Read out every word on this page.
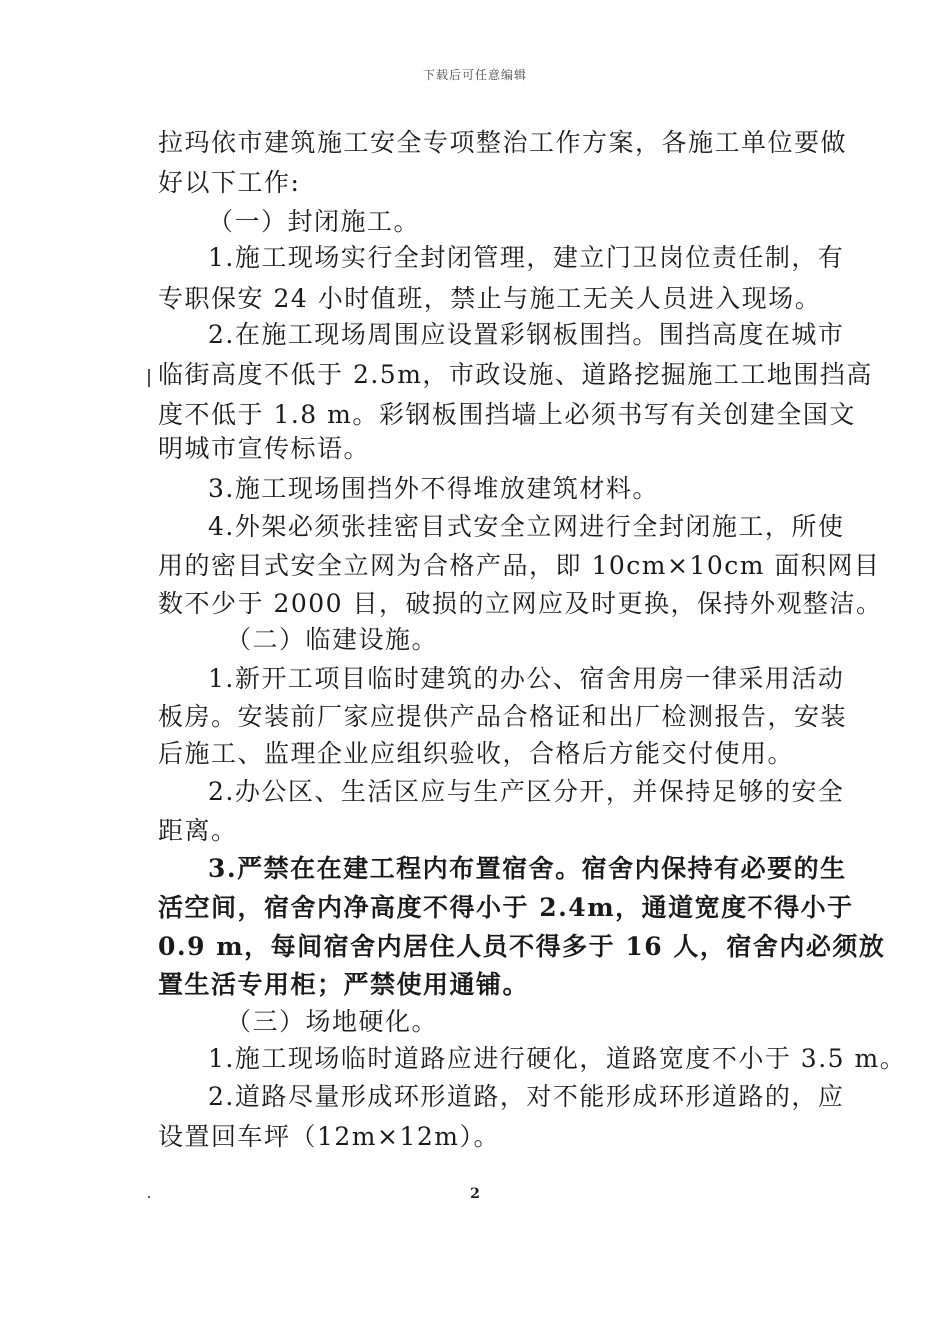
下载后可任意编辑
拉玛依市建筑施工安全专项整治工作方案，各施工单位要做
好以下工作:
（一）封闭施工。
1.施工现场实行全封闭管理，建立门卫岗位责任制，有
专职保安 24 小时值班，禁止与施工无关人员进入现场。
2.在施工现场周围应设置彩钢板围挡。围挡高度在城市
临街高度不低于 2.5m，市政设施、道路挖掘施工工地围挡高
度不低于 1.8 m。彩钢板围挡墙上必须书写有关创建全国文
明城市宣传标语。
3.施工现场围挡外不得堆放建筑材料。
4.外架必须张挂密目式安全立网进行全封闭施工，所使
用的密目式安全立网为合格产品，即 10cm×10cm 面积网目
数不少于 2000 目，破损的立网应及时更换，保持外观整洁。
（二）临建设施。
1.新开工项目临时建筑的办公、宿舍用房一律采用活动
板房。安装前厂家应提供产品合格证和出厂检测报告，安装
后施工、监理企业应组织验收，合格后方能交付使用。
2.办公区、生活区应与生产区分开，并保持足够的安全
距离。
3.严禁在在建工程内布置宿舍。宿舍内保持有必要的生
活空间，宿舍内净高度不得小于 2.4m，通道宽度不得小于
0.9 m，每间宿舍内居住人员不得多于 16 人，宿舍内必须放
置生活专用柜；严禁使用通铺。
（三）场地硬化。
1.施工现场临时道路应进行硬化，道路宽度不小于 3.5 m。
2.道路尽量形成环形道路，对不能形成环形道路的，应
设置回车坪（12m×12m）。
2
